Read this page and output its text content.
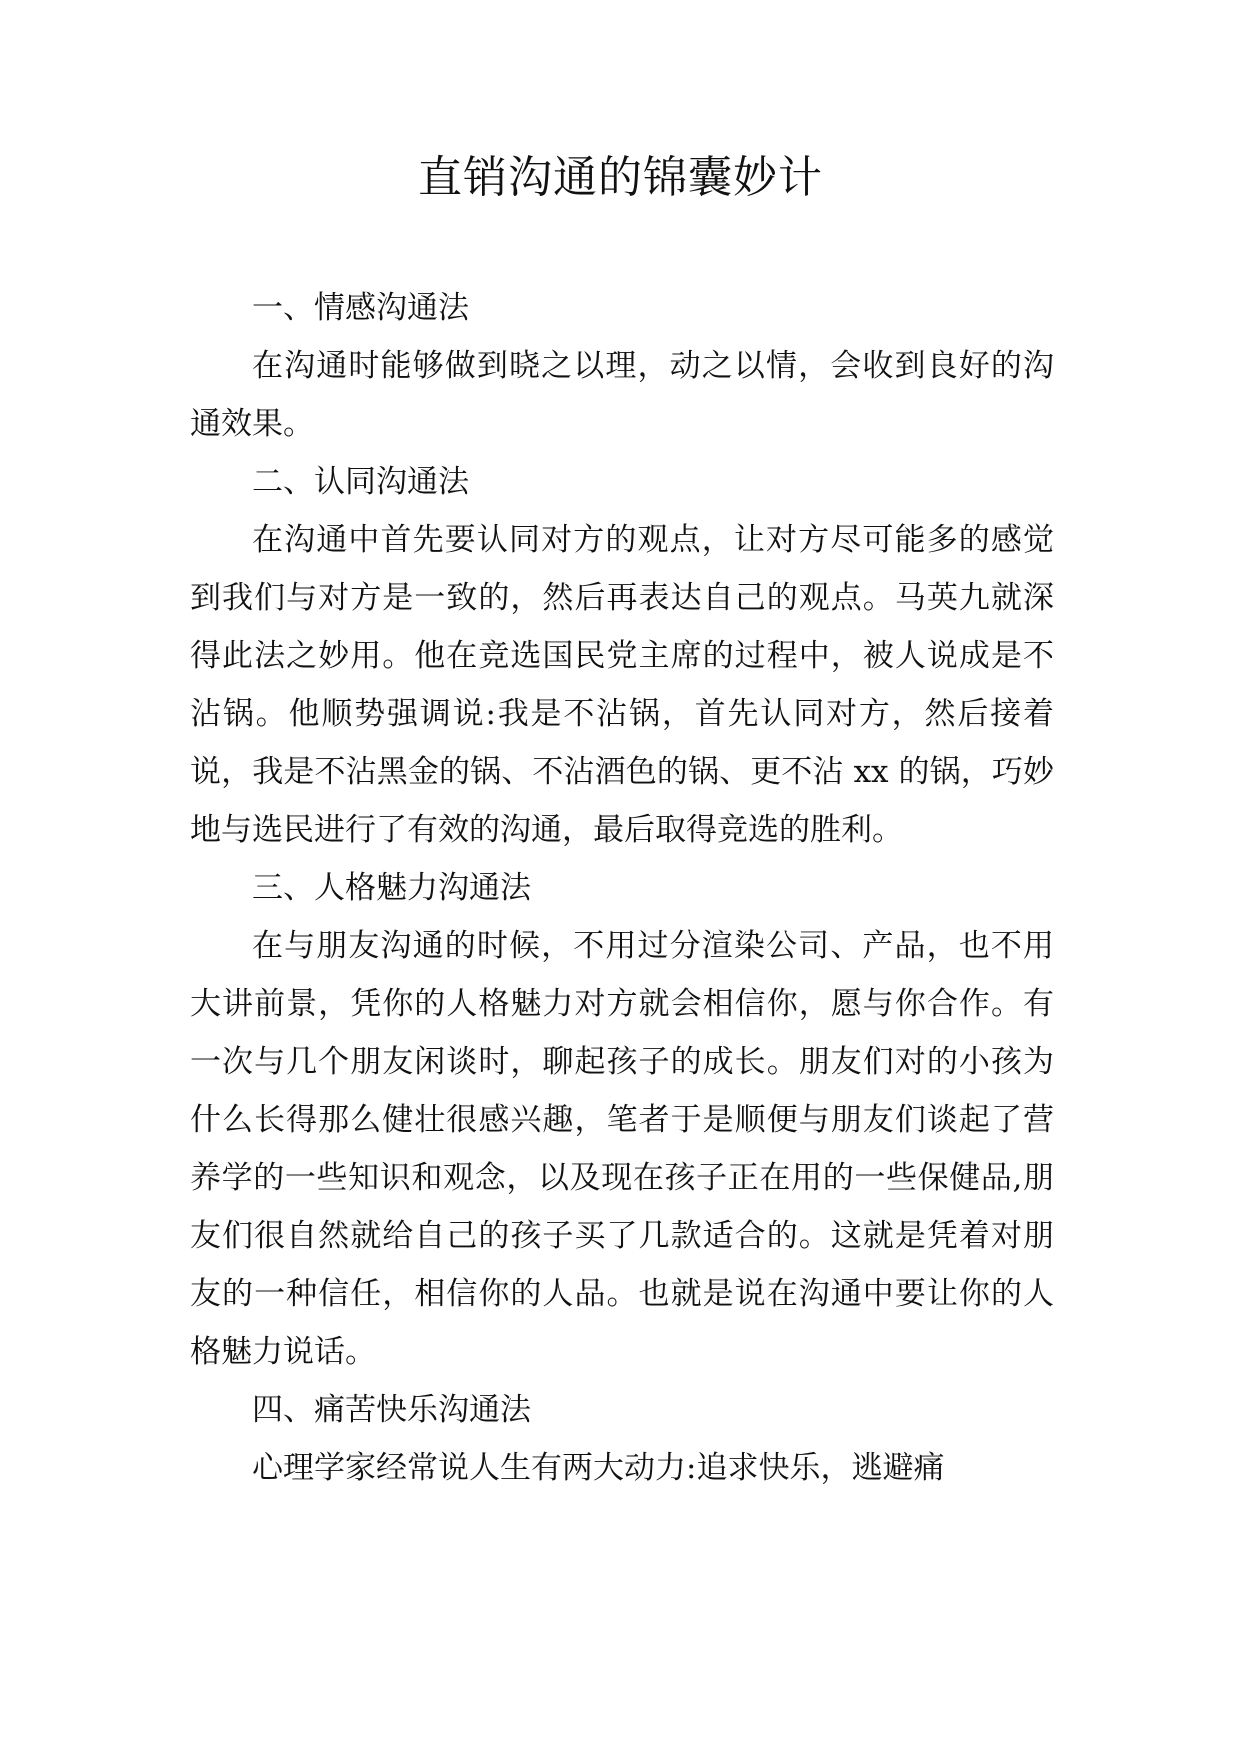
直销沟通的锦囊妙计

一、情感沟通法

在沟通时能够做到晓之以理，动之以情，会收到良好的沟通效果。

二、认同沟通法

在沟通中首先要认同对方的观点，让对方尽可能多的感觉到我们与对方是一致的，然后再表达自己的观点。马英九就深得此法之妙用。他在竞选国民党主席的过程中，被人说成是不沾锅。他顺势强调说:我是不沾锅，首先认同对方，然后接着说，我是不沾黑金的锅、不沾酒色的锅、更不沾 xx 的锅，巧妙地与选民进行了有效的沟通，最后取得竞选的胜利。

三、人格魅力沟通法

在与朋友沟通的时候，不用过分渲染公司、产品，也不用大讲前景，凭你的人格魅力对方就会相信你，愿与你合作。有一次与几个朋友闲谈时，聊起孩子的成长。朋友们对的小孩为什么长得那么健壮很感兴趣，笔者于是顺便与朋友们谈起了营养学的一些知识和观念，以及现在孩子正在用的一些保健品,朋友们很自然就给自己的孩子买了几款适合的。这就是凭着对朋友的一种信任，相信你的人品。也就是说在沟通中要让你的人格魅力说话。

四、痛苦快乐沟通法

心理学家经常说人生有两大动力:追求快乐，逃避痛
